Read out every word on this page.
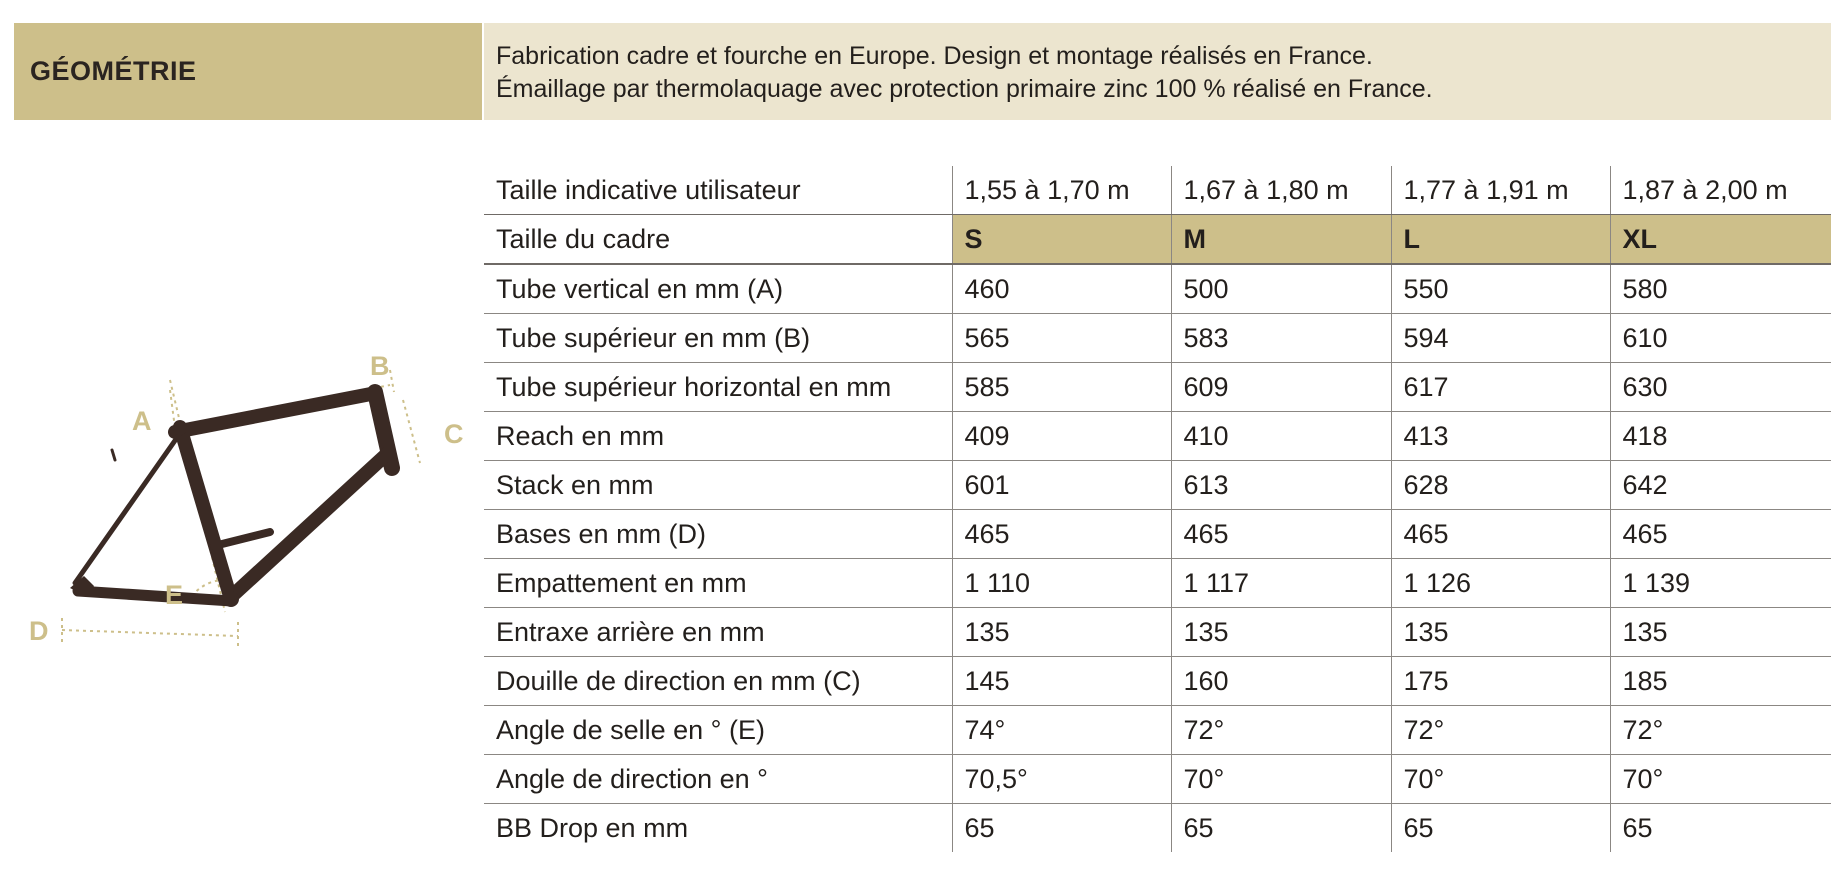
GÉOMÉTRIE	Fabrication cadre et fourche en Europe. Design et montage réalisés en France.
Émaillage par thermolaquage avec protection primaire zinc 100 % réalisé en France.
A
B
C
D
E
Taille indicative utilisateur	1,55 à 1,70 m	1,67 à 1,80 m	1,77 à 1,91 m	1,87 à 2,00 m
Taille du cadre	S	M	L	XL
Tube vertical en mm (A)	460	500	550	580
Tube supérieur en mm (B)	565	583	594	610
Tube supérieur horizontal en mm	585	609	617	630
Reach en mm	409	410	413	418
Stack en mm	601	613	628	642
Bases en mm (D)	465	465	465	465
Empattement en mm	1 110	1 117	1 126	1 139
Entraxe arrière en mm	135	135	135	135
Douille de direction en mm (C)	145	160	175	185
Angle de selle en ° (E)	74°	72°	72°	72°
Angle de direction en °	70,5°	70°	70°	70°
BB Drop en mm	65	65	65	65
